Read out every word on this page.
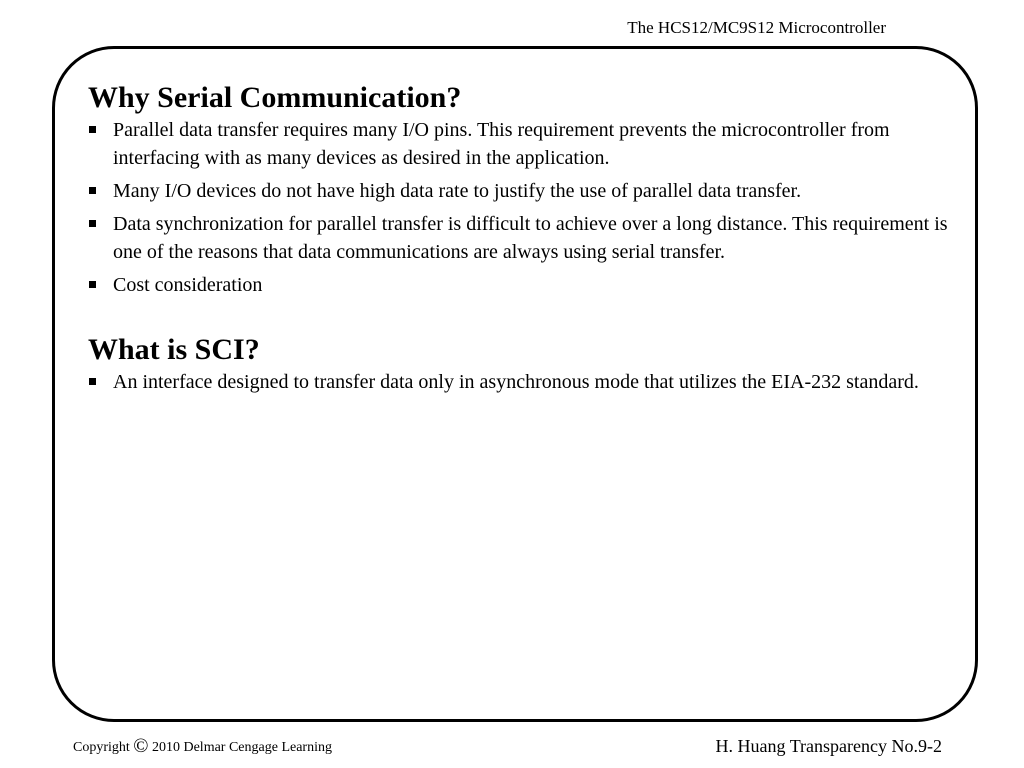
The HCS12/MC9S12 Microcontroller
Why Serial Communication?
Parallel data transfer requires many I/O pins. This requirement prevents the microcontroller from interfacing with as many devices as desired in the application.
Many I/O devices do not have high data rate to justify the use of parallel data transfer.
Data synchronization for parallel transfer is difficult to achieve over a long distance. This requirement is one of the reasons that data communications are always using serial transfer.
Cost consideration
What is SCI?
An interface designed to transfer data only in asynchronous mode that utilizes the EIA-232 standard.
Copyright © 2010 Delmar Cengage Learning	H. Huang Transparency No.9-2
